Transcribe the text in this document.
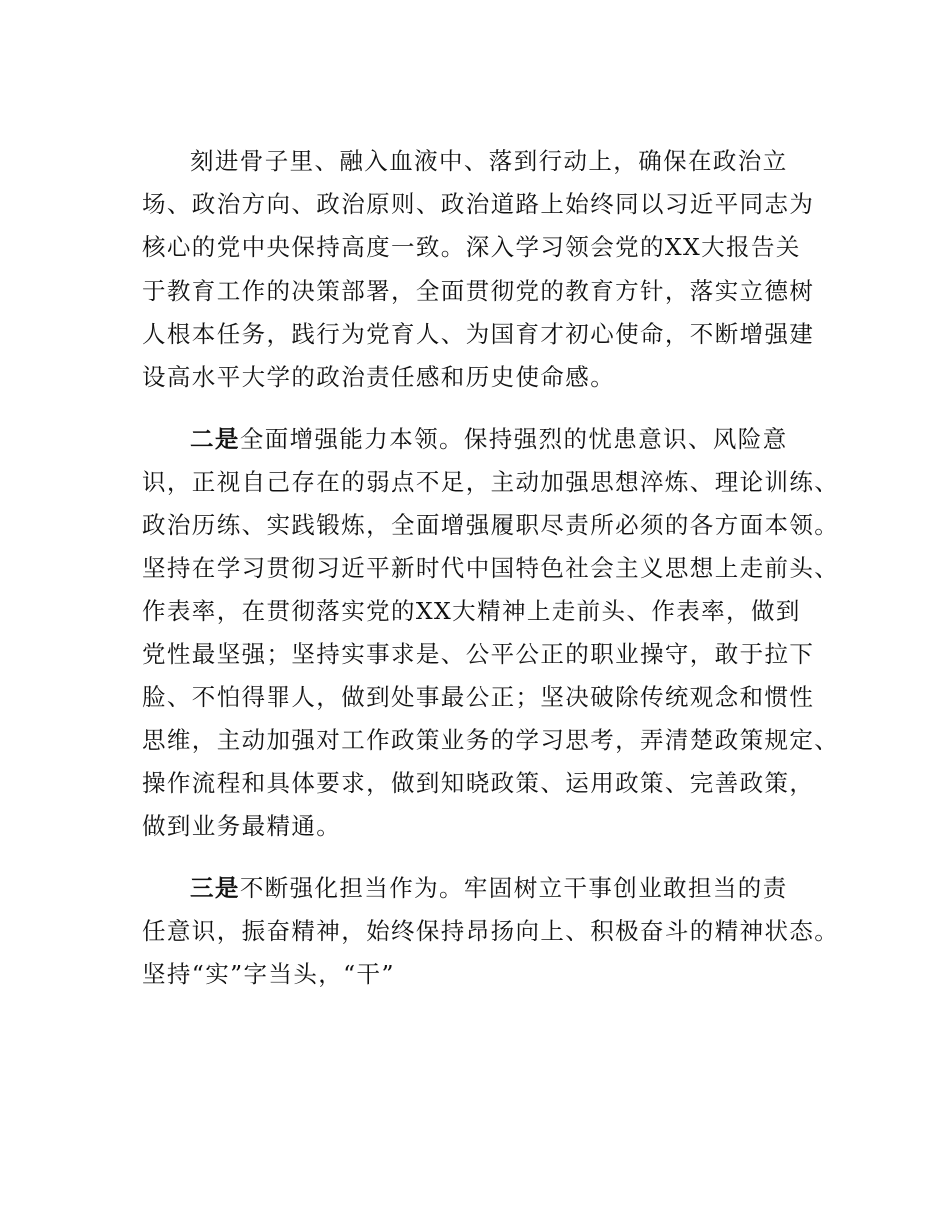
刻进骨子里、融入血液中、落到行动上，确保在政治立
场、政治方向、政治原则、政治道路上始终同以习近平同志为
核心的党中央保持高度一致。深入学习领会党的XX大报告关
于教育工作的决策部署，全面贯彻党的教育方针，落实立德树
人根本任务，践行为党育人、为国育才初心使命，不断增强建
设高水平大学的政治责任感和历史使命感。
二是全面增强能力本领。保持强烈的忧患意识、风险意
识，正视自己存在的弱点不足，主动加强思想淬炼、理论训练、
政治历练、实践锻炼，全面增强履职尽责所必须的各方面本领。
坚持在学习贯彻习近平新时代中国特色社会主义思想上走前头、
作表率，在贯彻落实党的XX大精神上走前头、作表率，做到
党性最坚强；坚持实事求是、公平公正的职业操守，敢于拉下
脸、不怕得罪人，做到处事最公正；坚决破除传统观念和惯性
思维，主动加强对工作政策业务的学习思考，弄清楚政策规定、
操作流程和具体要求，做到知晓政策、运用政策、完善政策，
做到业务最精通。
三是不断强化担当作为。牢固树立干事创业敢担当的责
任意识，振奋精神，始终保持昂扬向上、积极奋斗的精神状态。
坚持“实”字当头，“干”
